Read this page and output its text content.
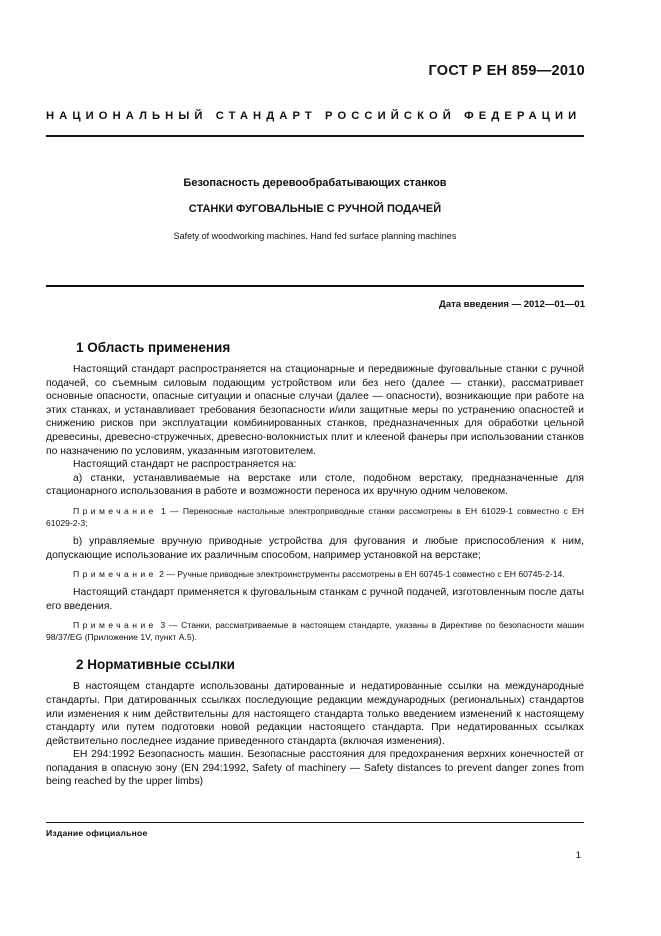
ГОСТ Р ЕН 859—2010
НАЦИОНАЛЬНЫЙ СТАНДАРТ РОССИЙСКОЙ ФЕДЕРАЦИИ
Безопасность деревообрабатывающих станков
СТАНКИ ФУГОВАЛЬНЫЕ С РУЧНОЙ ПОДАЧЕЙ
Safety of woodworking machines. Hand fed surface planning machines
Дата введения — 2012—01—01
1 Область применения

Настоящий стандарт распространяется на стационарные и передвижные фуговальные станки с ручной подачей, со съемным силовым подающим устройством или без него (далее — станки), рассматривает основные опасности, опасные ситуации и опасные случаи (далее — опасности), возникающие при работе на этих станках, и устанавливает требования безопасности и/или защитные меры по устранению опасностей и снижению рисков при эксплуатации комбинированных станков, предназначенных для обработки цельной древесины, древесно-стружечных, древесно-волокнистых плит и клееной фанеры при использовании станков по назначению по условиям, указанным изготовителем.

Настоящий стандарт не распространяется на:

а) станки, устанавливаемые на верстаке или столе, подобном верстаку, предназначенные для стационарного использования в работе и возможности переноса их вручную одним человеком.

Примечание 1 — Переносные настольные электроприводные станки рассмотрены в ЕН 61029-1 совместно с ЕН 61029-2-3;

b) управляемые вручную приводные устройства для фугования и любые приспособления к ним, допускающие использование их различным способом, например установкой на верстаке;

Примечание 2 — Ручные приводные электроинструменты рассмотрены в ЕН 60745-1 совместно с ЕН 60745-2-14.

Настоящий стандарт применяется к фуговальным станкам с ручной подачей, изготовленным после даты его введения.

Примечание 3 — Станки, рассматриваемые в настоящем стандарте, указаны в Директиве по безопасности машин 98/37/EG (Приложение 1V, пункт А.5).

2 Нормативные ссылки

В настоящем стандарте использованы датированные и недатированные ссылки на международные стандарты. При датированных ссылках последующие редакции международных (региональных) стандартов или изменения к ним действительны для настоящего стандарта только введением изменений к настоящему стандарту или путем подготовки новой редакции настоящего стандарта. При недатированных ссылках действительно последнее издание приведенного стандарта (включая изменения).

ЕН 294:1992 Безопасность машин. Безопасные расстояния для предохранения верхних конечностей от попадания в опасную зону (EN 294:1992, Safety of machinery — Safety distances to prevent danger zones from being reached by the upper limbs)

Издание официальное
1
